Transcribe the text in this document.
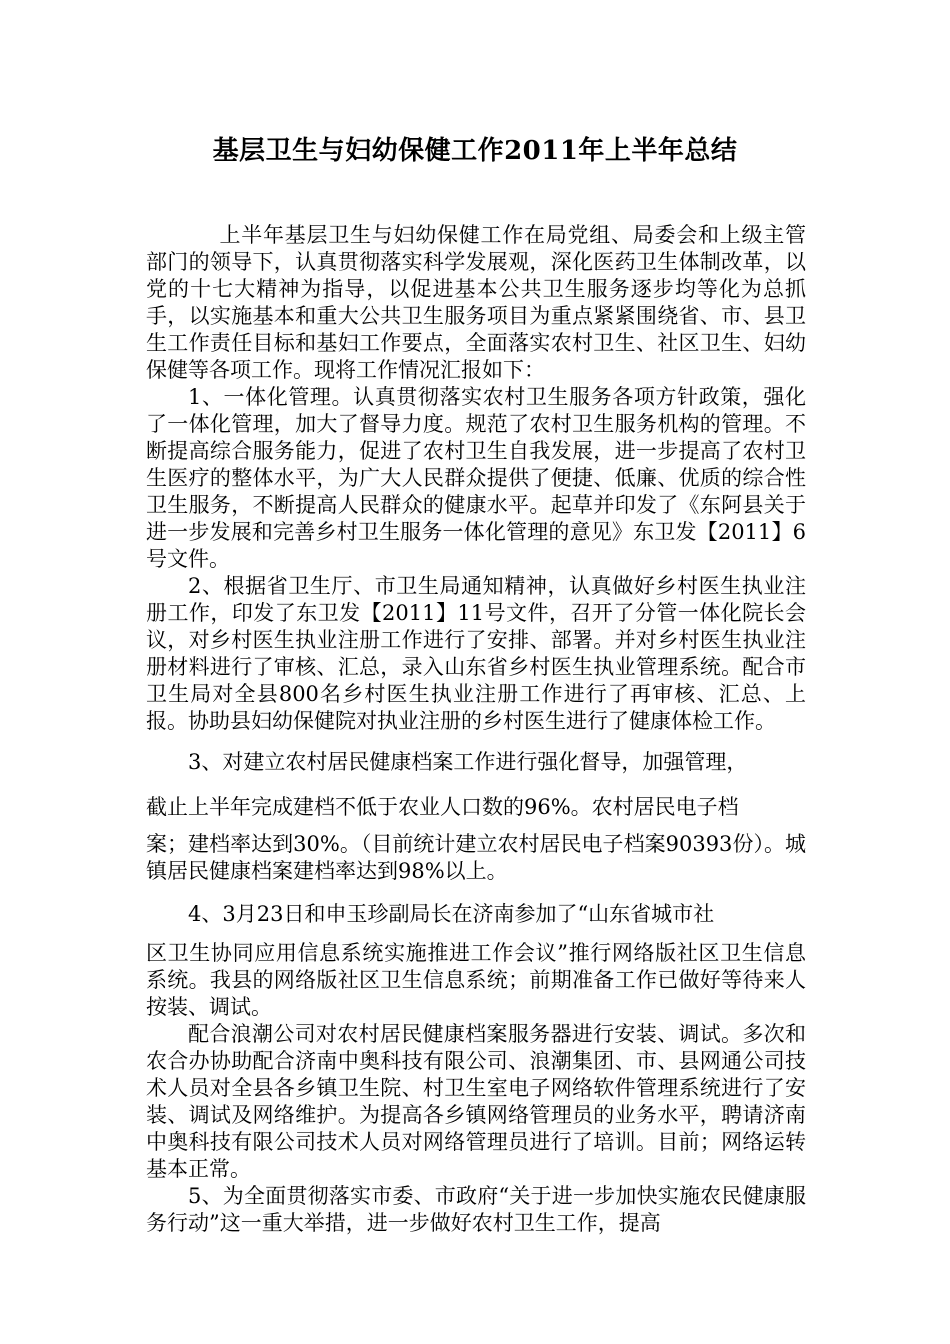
基层卫生与妇幼保健工作2011年上半年总结

上半年基层卫生与妇幼保健工作在局党组、局委会和上级主管部门的领导下，认真贯彻落实科学发展观，深化医药卫生体制改革，以党的十七大精神为指导，以促进基本公共卫生服务逐步均等化为总抓手，以实施基本和重大公共卫生服务项目为重点紧紧围绕省、市、县卫生工作责任目标和基妇工作要点，全面落实农村卫生、社区卫生、妇幼保健等各项工作。现将工作情况汇报如下：

1、一体化管理。认真贯彻落实农村卫生服务各项方针政策，强化了一体化管理，加大了督导力度。规范了农村卫生服务机构的管理。不断提高综合服务能力，促进了农村卫生自我发展，进一步提高了农村卫生医疗的整体水平，为广大人民群众提供了便捷、低廉、优质的综合性卫生服务，不断提高人民群众的健康水平。起草并印发了《东阿县关于进一步发展和完善乡村卫生服务一体化管理的意见》东卫发【2011】6号文件。

2、根据省卫生厅、市卫生局通知精神，认真做好乡村医生执业注册工作，印发了东卫发【2011】11号文件，召开了分管一体化院长会议，对乡村医生执业注册工作进行了安排、部署。并对乡村医生执业注册材料进行了审核、汇总，录入山东省乡村医生执业管理系统。配合市卫生局对全县800名乡村医生执业注册工作进行了再审核、汇总、上报。协助县妇幼保健院对执业注册的乡村医生进行了健康体检工作。

3、对建立农村居民健康档案工作进行强化督导，加强管理，
截止上半年完成建档不低于农业人口数的96%。农村居民电子档
案；建档率达到30%。（目前统计建立农村居民电子档案90393份）。城镇居民健康档案建档率达到98%以上。

4、3月23日和申玉珍副局长在济南参加了“山东省城市社
区卫生协同应用信息系统实施推进工作会议”推行网络版社区卫生信息系统。我县的网络版社区卫生信息系统；前期准备工作已做好等待来人按装、调试。

配合浪潮公司对农村居民健康档案服务器进行安装、调试。多次和农合办协助配合济南中奥科技有限公司、浪潮集团、市、县网通公司技术人员对全县各乡镇卫生院、村卫生室电子网络软件管理系统进行了安装、调试及网络维护。为提高各乡镇网络管理员的业务水平，聘请济南中奥科技有限公司技术人员对网络管理员进行了培训。目前；网络运转基本正常。

5、为全面贯彻落实市委、市政府“关于进一步加快实施农民健康服务行动”这一重大举措，进一步做好农村卫生工作，提高
